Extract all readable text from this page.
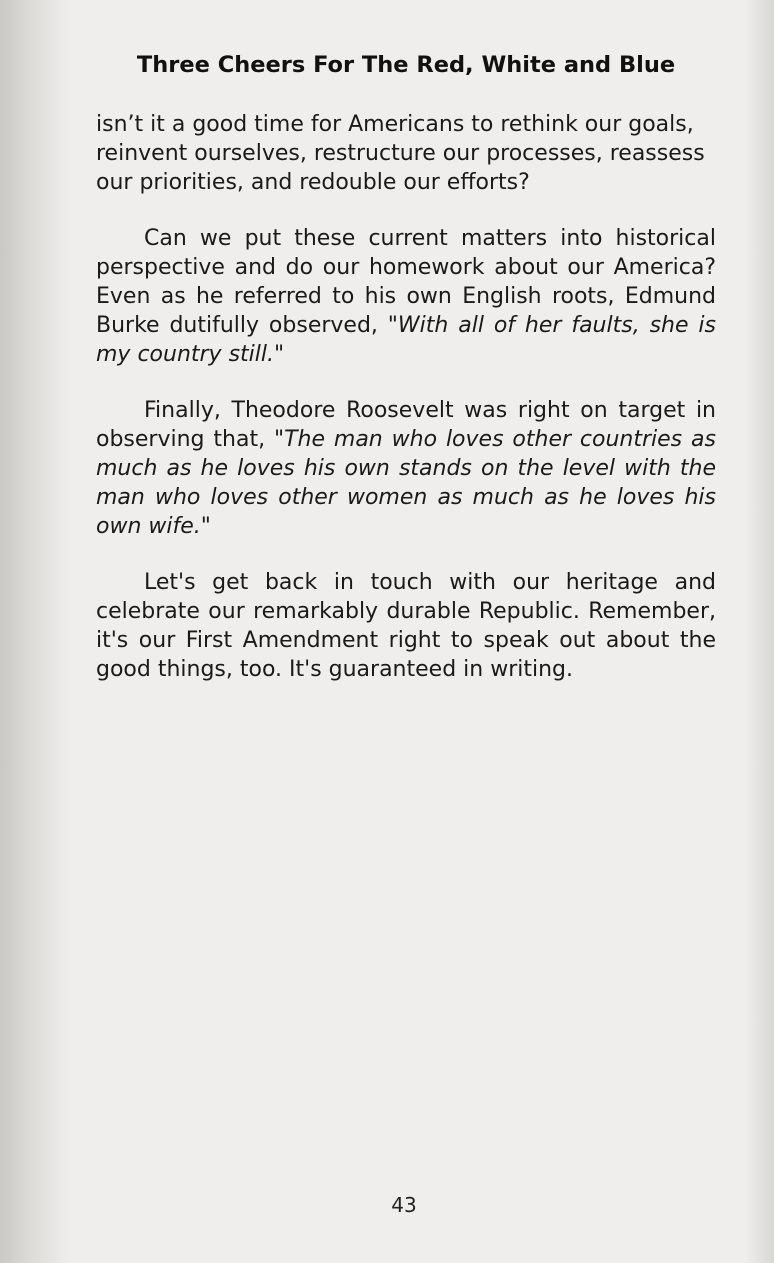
Three Cheers For The Red, White and Blue

isn’t it a good time for Americans to rethink our goals, reinvent ourselves, restructure our processes, reassess our priorities, and redouble our efforts?

Can we put these current matters into historical perspective and do our homework about our America? Even as he referred to his own English roots, Edmund Burke dutifully observed, "With all of her faults, she is my country still."

Finally, Theodore Roosevelt was right on target in observing that, "The man who loves other countries as much as he loves his own stands on the level with the man who loves other women as much as he loves his own wife."

Let's get back in touch with our heritage and celebrate our remarkably durable Republic. Remember, it's our First Amendment right to speak out about the good things, too. It's guaranteed in writing.

43
